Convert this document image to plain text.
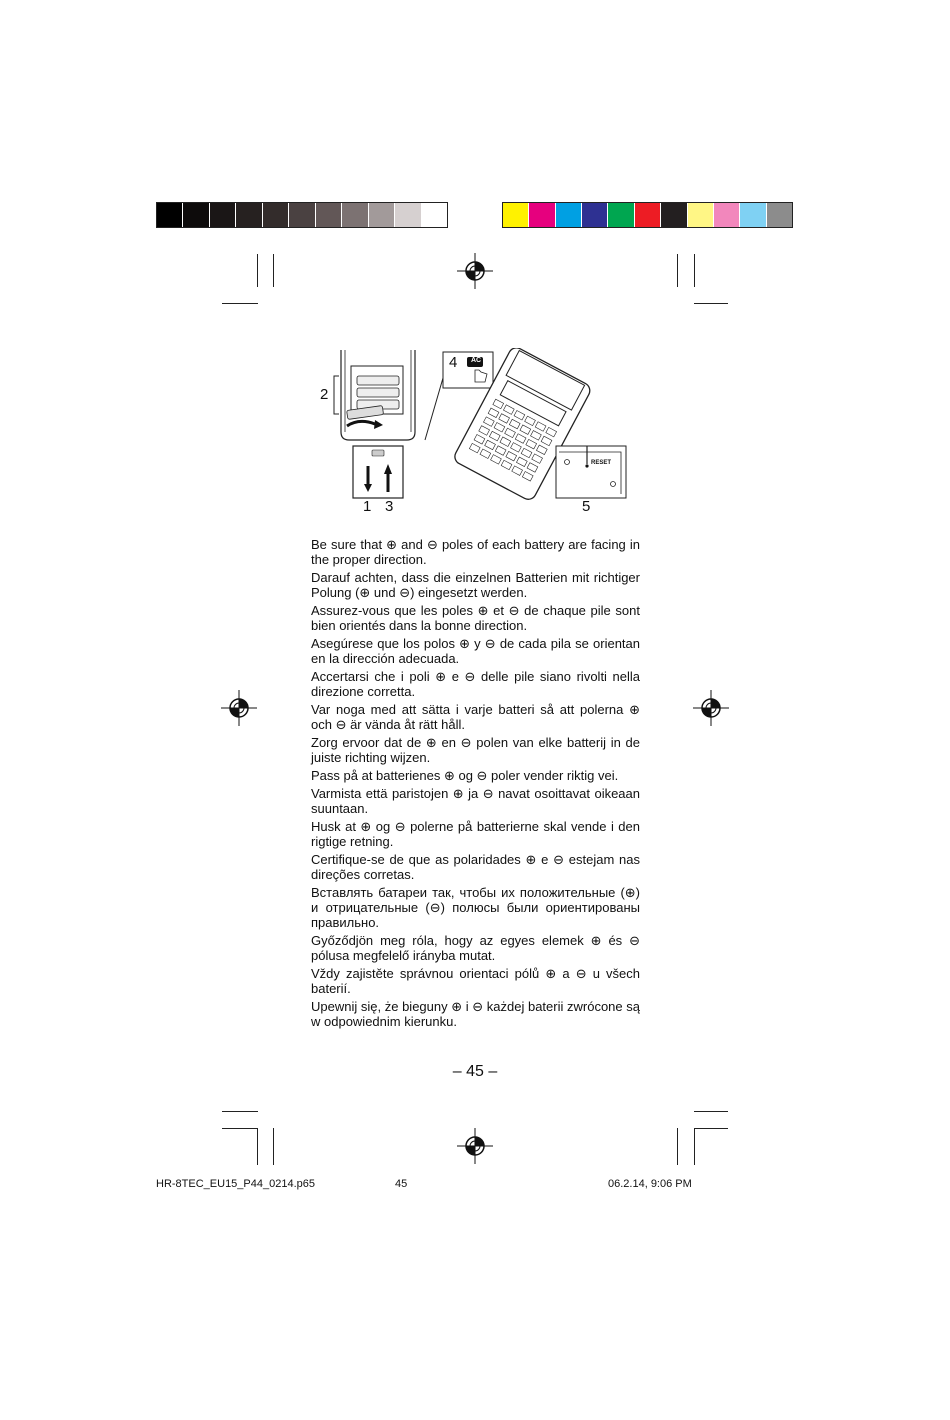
2
1 3
4 AC
RESET
5

Be sure that ⊕ and ⊖ poles of each battery are facing in the proper direction.

Darauf achten, dass die einzelnen Batterien mit richtiger Polung (⊕ und ⊖) eingesetzt werden.

Assurez-vous que les poles ⊕ et ⊖ de chaque pile sont bien orientés dans la bonne direction.

Asegúrese que los polos ⊕ y ⊖ de cada pila se orientan en la dirección adecuada.

Accertarsi che i poli ⊕ e ⊖ delle pile siano rivolti nella direzione corretta.

Var noga med att sätta i varje batteri så att polerna ⊕ och ⊖ är vända åt rätt håll.

Zorg ervoor dat de ⊕ en ⊖ polen van elke batterij in de juiste richting wijzen.

Pass på at batterienes ⊕ og ⊖ poler vender riktig vei.

Varmista että paristojen ⊕ ja ⊖ navat osoittavat oikeaan suuntaan.

Husk at ⊕ og ⊖ polerne på batterierne skal vende i den rigtige retning.

Certifique-se de que as polaridades ⊕ e ⊖ estejam nas direções corretas.

Вставлять батареи так, чтобы их положительные (⊕) и отрицательные (⊖) полюсы были ориентированы правильно.

Győződjön meg róla, hogy az egyes elemek ⊕ és ⊖ pólusa megfelelő irányba mutat.

Vždy zajistěte správnou orientaci pólů ⊕ a ⊖ u všech baterií.

Upewnij się, że bieguny ⊕ i ⊖ każdej baterii zwrócone są w odpowiednim kierunku.

– 45 –
HR-8TEC_EU15_P44_0214.p65	45	06.2.14, 9:06 PM
